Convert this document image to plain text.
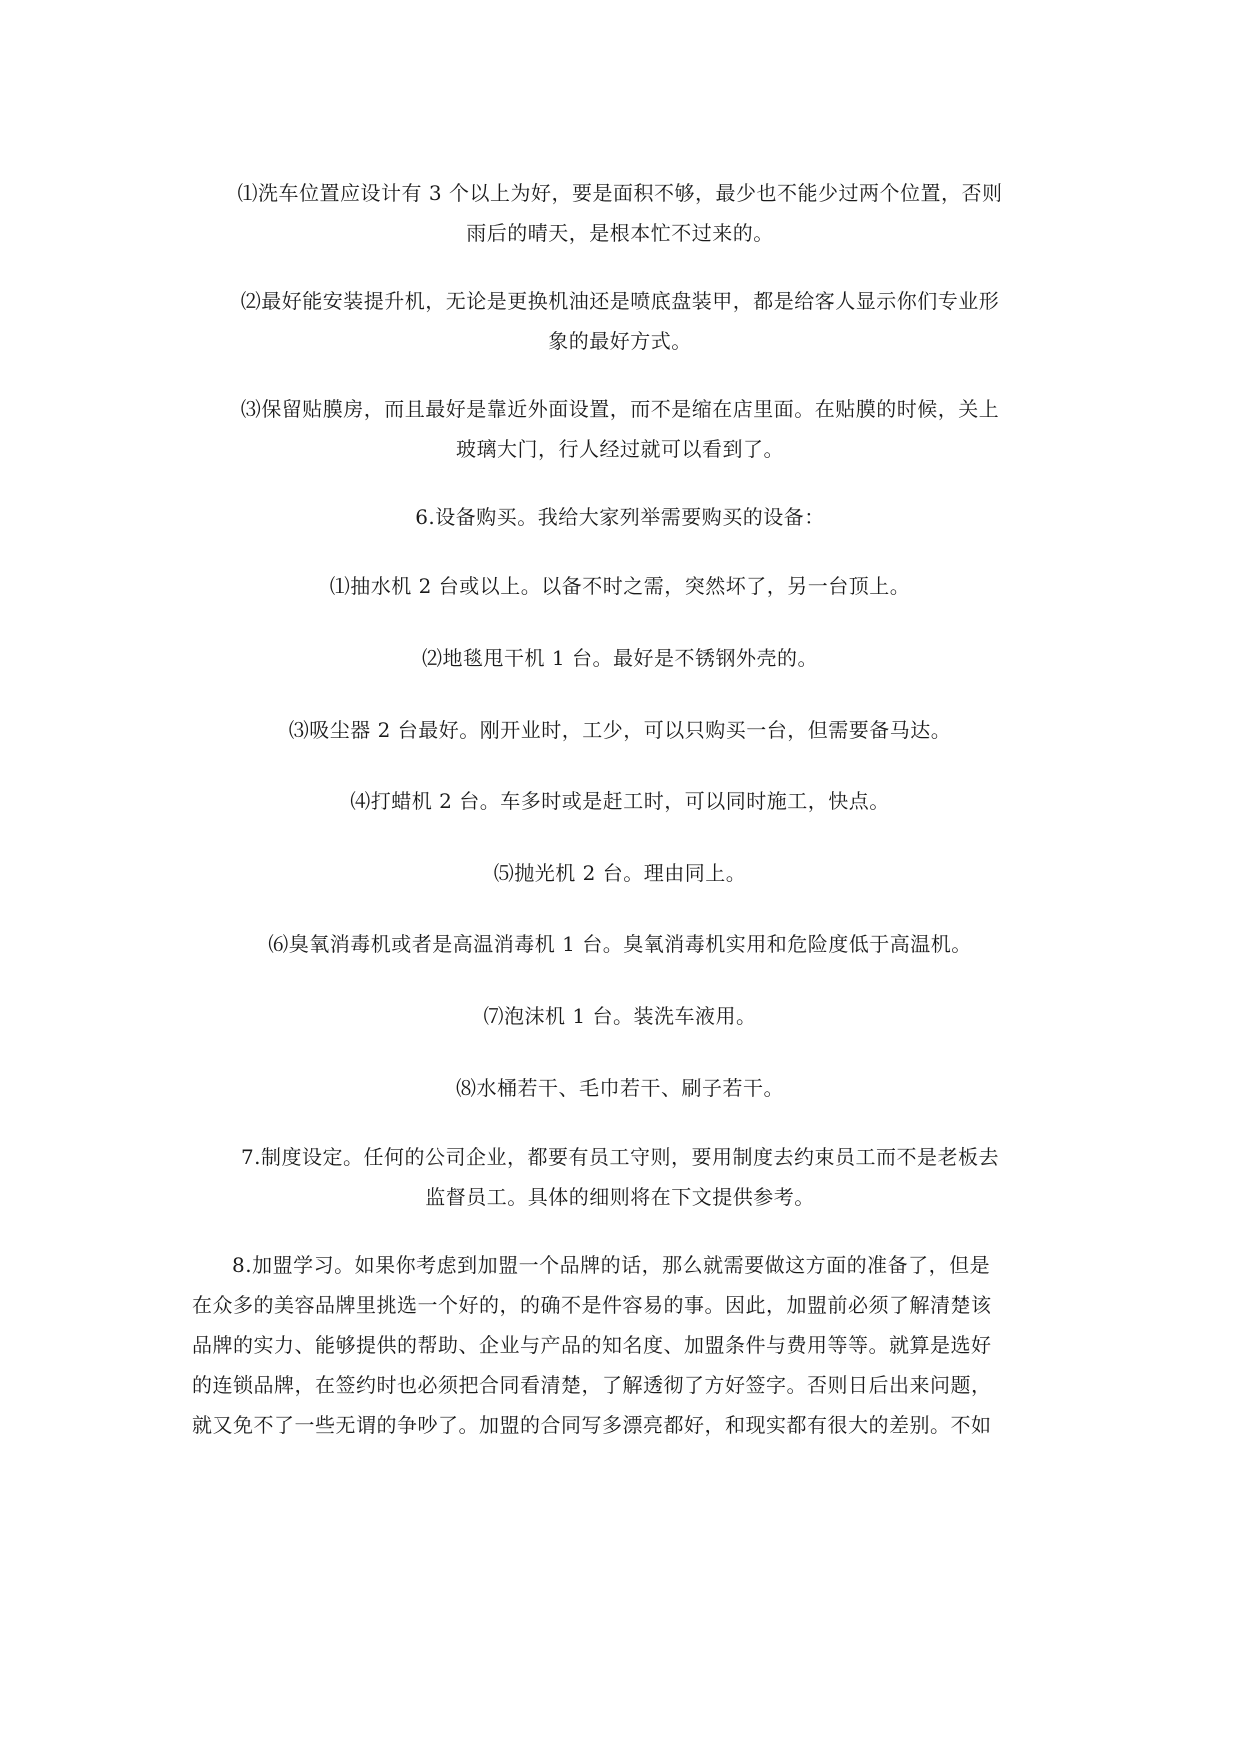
⑴洗车位置应设计有 3 个以上为好，要是面积不够，最少也不能少过两个位置，否则
雨后的晴天，是根本忙不过来的。
⑵最好能安装提升机，无论是更换机油还是喷底盘装甲，都是给客人显示你们专业形
象的最好方式。
⑶保留贴膜房，而且最好是靠近外面设置，而不是缩在店里面。在贴膜的时候，关上
玻璃大门，行人经过就可以看到了。
6.设备购买。我给大家列举需要购买的设备：
⑴抽水机 2 台或以上。以备不时之需，突然坏了，另一台顶上。
⑵地毯甩干机 1 台。最好是不锈钢外壳的。
⑶吸尘器 2 台最好。刚开业时，工少，可以只购买一台，但需要备马达。
⑷打蜡机 2 台。车多时或是赶工时，可以同时施工，快点。
⑸抛光机 2 台。理由同上。
⑹臭氧消毒机或者是高温消毒机 1 台。臭氧消毒机实用和危险度低于高温机。
⑺泡沫机 1 台。装洗车液用。
⑻水桶若干、毛巾若干、刷子若干。
7.制度设定。任何的公司企业，都要有员工守则，要用制度去约束员工而不是老板去
监督员工。具体的细则将在下文提供参考。
8.加盟学习。如果你考虑到加盟一个品牌的话，那么就需要做这方面的准备了，但是
在众多的美容品牌里挑选一个好的，的确不是件容易的事。因此，加盟前必须了解清楚该
品牌的实力、能够提供的帮助、企业与产品的知名度、加盟条件与费用等等。就算是选好
的连锁品牌，在签约时也必须把合同看清楚，了解透彻了方好签字。否则日后出来问题，
就又免不了一些无谓的争吵了。加盟的合同写多漂亮都好，和现实都有很大的差别。不如
